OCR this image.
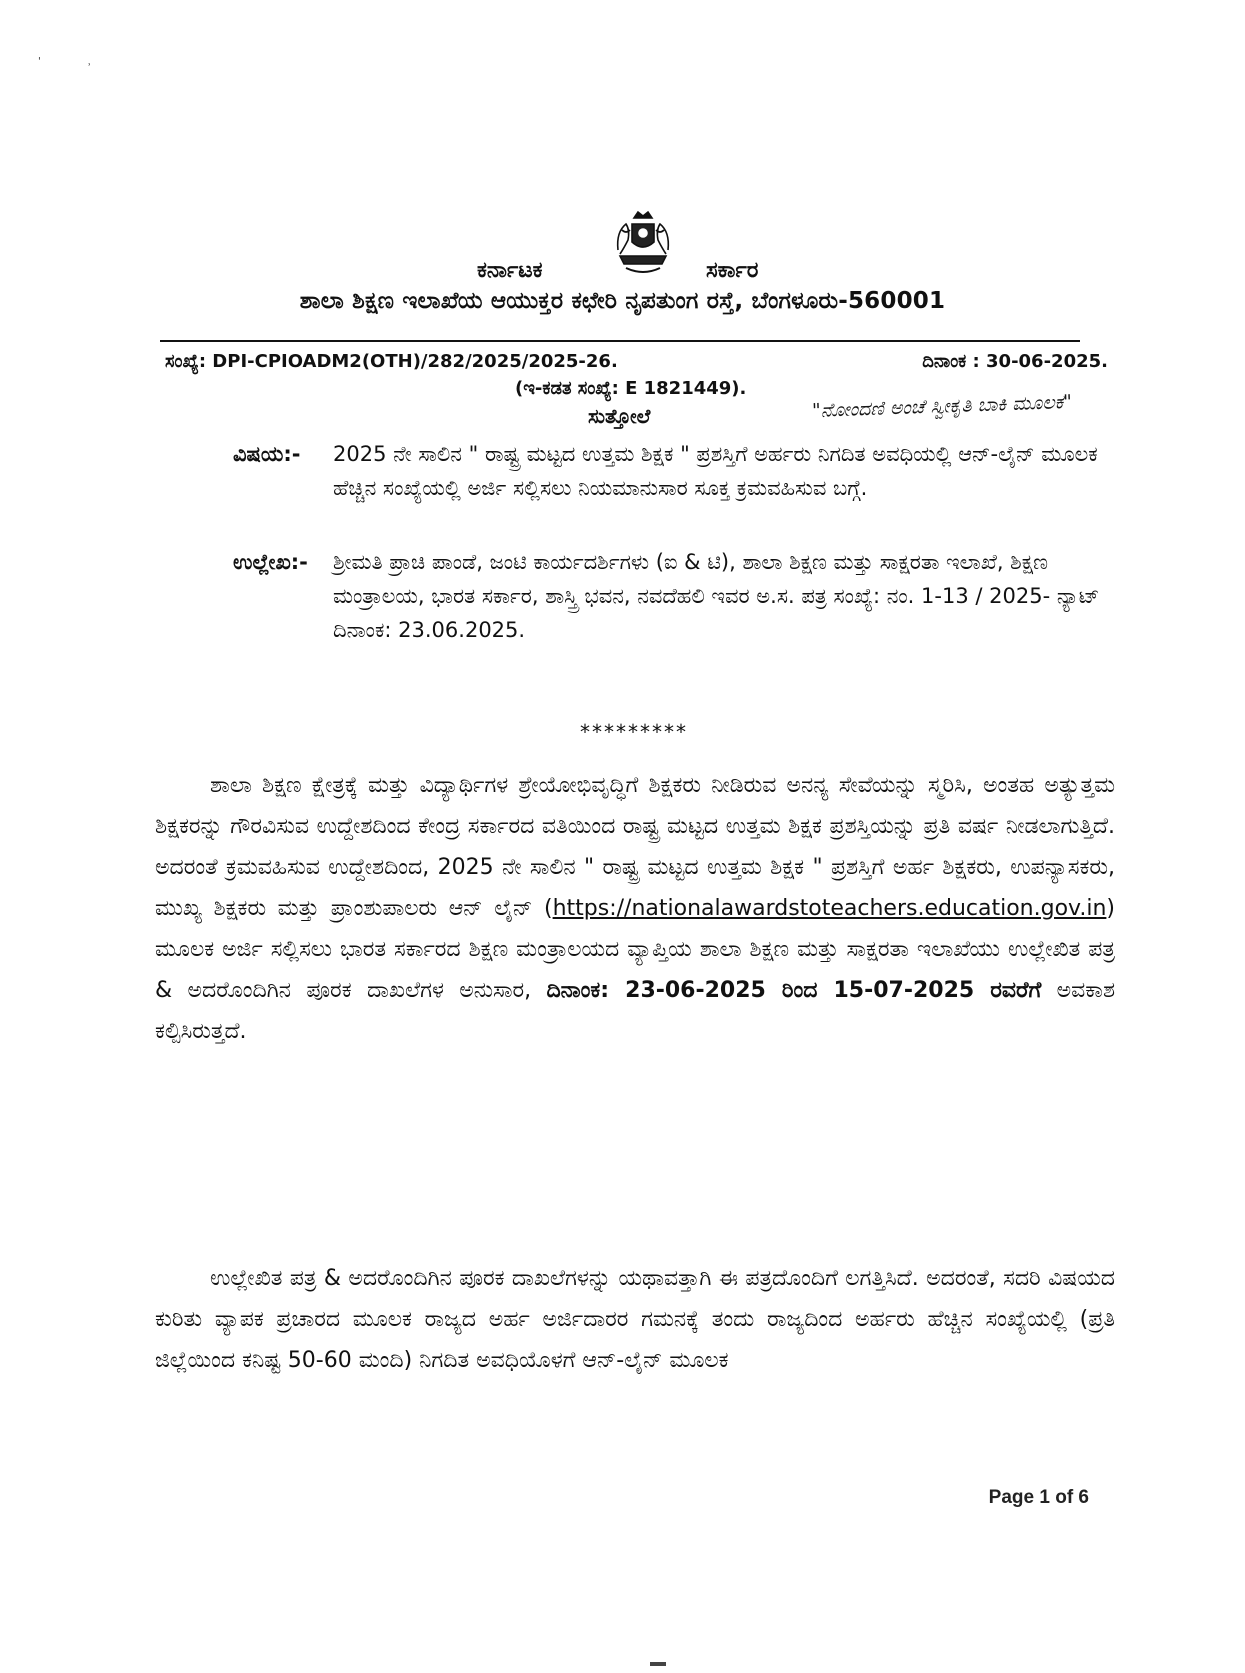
'	˒
ಕರ್ನಾಟಕ	ಸರ್ಕಾರ
ಶಾಲಾ ಶಿಕ್ಷಣ ಇಲಾಖೆಯ ಆಯುಕ್ತರ ಕಛೇರಿ ನೃಪತುಂಗ ರಸ್ತೆ, ಬೆಂಗಳೂರು-560001
ಸಂಖ್ಯೆ: DPI-CPIOADM2(OTH)/282/2025/2025-26.	ದಿನಾಂಕ : 30-06-2025.
(ಇ-ಕಡತ ಸಂಖ್ಯೆ: E 1821449).
ಸುತ್ತೋಲೆ	"ನೋಂದಣಿ ಅಂಚೆ ಸ್ವೀಕೃತಿ ಬಾಕಿ ಮೂಲಕ"
ವಿಷಯ:- 2025 ನೇ ಸಾಲಿನ " ರಾಷ್ಟ್ರ ಮಟ್ಟದ ಉತ್ತಮ ಶಿಕ್ಷಕ " ಪ್ರಶಸ್ತಿಗೆ ಅರ್ಹರು ನಿಗದಿತ ಅವಧಿಯಲ್ಲಿ ಆನ್-ಲೈನ್ ಮೂಲಕ ಹೆಚ್ಚಿನ ಸಂಖ್ಯೆಯಲ್ಲಿ ಅರ್ಜಿ ಸಲ್ಲಿಸಲು ನಿಯಮಾನುಸಾರ ಸೂಕ್ತ ಕ್ರಮವಹಿಸುವ ಬಗ್ಗೆ.
ಉಲ್ಲೇಖ:- ಶ್ರೀಮತಿ ಪ್ರಾಚಿ ಪಾಂಡೆ, ಜಂಟಿ ಕಾರ್ಯದರ್ಶಿಗಳು (ಐ & ಟಿ), ಶಾಲಾ ಶಿಕ್ಷಣ ಮತ್ತು ಸಾಕ್ಷರತಾ ಇಲಾಖೆ, ಶಿಕ್ಷಣ ಮಂತ್ರಾಲಯ, ಭಾರತ ಸರ್ಕಾರ, ಶಾಸ್ತ್ರಿ ಭವನ, ನವದೆಹಲಿ ಇವರ ಅ.ಸ. ಪತ್ರ ಸಂಖ್ಯೆ: ನಂ. 1-13 / 2025- ನ್ಯಾಟ್ ದಿನಾಂಕ: 23.06.2025.
*********
ಶಾಲಾ ಶಿಕ್ಷಣ ಕ್ಷೇತ್ರಕ್ಕೆ ಮತ್ತು ವಿದ್ಯಾರ್ಥಿಗಳ ಶ್ರೇಯೋಭಿವೃದ್ಧಿಗೆ ಶಿಕ್ಷಕರು ನೀಡಿರುವ ಅನನ್ಯ ಸೇವೆಯನ್ನು ಸ್ಮರಿಸಿ, ಅಂತಹ ಅತ್ಯುತ್ತಮ ಶಿಕ್ಷಕರನ್ನು ಗೌರವಿಸುವ ಉದ್ದೇಶದಿಂದ ಕೇಂದ್ರ ಸರ್ಕಾರದ ವತಿಯಿಂದ ರಾಷ್ಟ್ರ ಮಟ್ಟದ ಉತ್ತಮ ಶಿಕ್ಷಕ ಪ್ರಶಸ್ತಿಯನ್ನು ಪ್ರತಿ ವರ್ಷ ನೀಡಲಾಗುತ್ತಿದೆ. ಅದರಂತೆ ಕ್ರಮವಹಿಸುವ ಉದ್ದೇಶದಿಂದ, 2025 ನೇ ಸಾಲಿನ " ರಾಷ್ಟ್ರ ಮಟ್ಟದ ಉತ್ತಮ ಶಿಕ್ಷಕ " ಪ್ರಶಸ್ತಿಗೆ ಅರ್ಹ ಶಿಕ್ಷಕರು, ಉಪನ್ಯಾಸಕರು, ಮುಖ್ಯ ಶಿಕ್ಷಕರು ಮತ್ತು ಪ್ರಾಂಶುಪಾಲರು ಆನ್ ಲೈನ್ (https://nationalawardstoteachers.education.gov.in) ಮೂಲಕ ಅರ್ಜಿ ಸಲ್ಲಿಸಲು ಭಾರತ ಸರ್ಕಾರದ ಶಿಕ್ಷಣ ಮಂತ್ರಾಲಯದ ವ್ಯಾಪ್ತಿಯ ಶಾಲಾ ಶಿಕ್ಷಣ ಮತ್ತು ಸಾಕ್ಷರತಾ ಇಲಾಖೆಯು ಉಲ್ಲೇಖಿತ ಪತ್ರ & ಅದರೊಂದಿಗಿನ ಪೂರಕ ದಾಖಲೆಗಳ ಅನುಸಾರ, ದಿನಾಂಕ: 23-06-2025 ರಿಂದ 15-07-2025 ರವರೆಗೆ ಅವಕಾಶ ಕಲ್ಪಿಸಿರುತ್ತದೆ.
ಉಲ್ಲೇಖಿತ ಪತ್ರ & ಅದರೊಂದಿಗಿನ ಪೂರಕ ದಾಖಲೆಗಳನ್ನು ಯಥಾವತ್ತಾಗಿ ಈ ಪತ್ರದೊಂದಿಗೆ ಲಗತ್ತಿಸಿದೆ. ಅದರಂತೆ, ಸದರಿ ವಿಷಯದ ಕುರಿತು ವ್ಯಾಪಕ ಪ್ರಚಾರದ ಮೂಲಕ ರಾಜ್ಯದ ಅರ್ಹ ಅರ್ಜಿದಾರರ ಗಮನಕ್ಕೆ ತಂದು ರಾಜ್ಯದಿಂದ ಅರ್ಹರು ಹೆಚ್ಚಿನ ಸಂಖ್ಯೆಯಲ್ಲಿ (ಪ್ರತಿ ಜಿಲ್ಲೆಯಿಂದ ಕನಿಷ್ಟ 50-60 ಮಂದಿ) ನಿಗದಿತ ಅವಧಿಯೊಳಗೆ ಆನ್-ಲೈನ್ ಮೂಲಕ
Page 1 of 6
